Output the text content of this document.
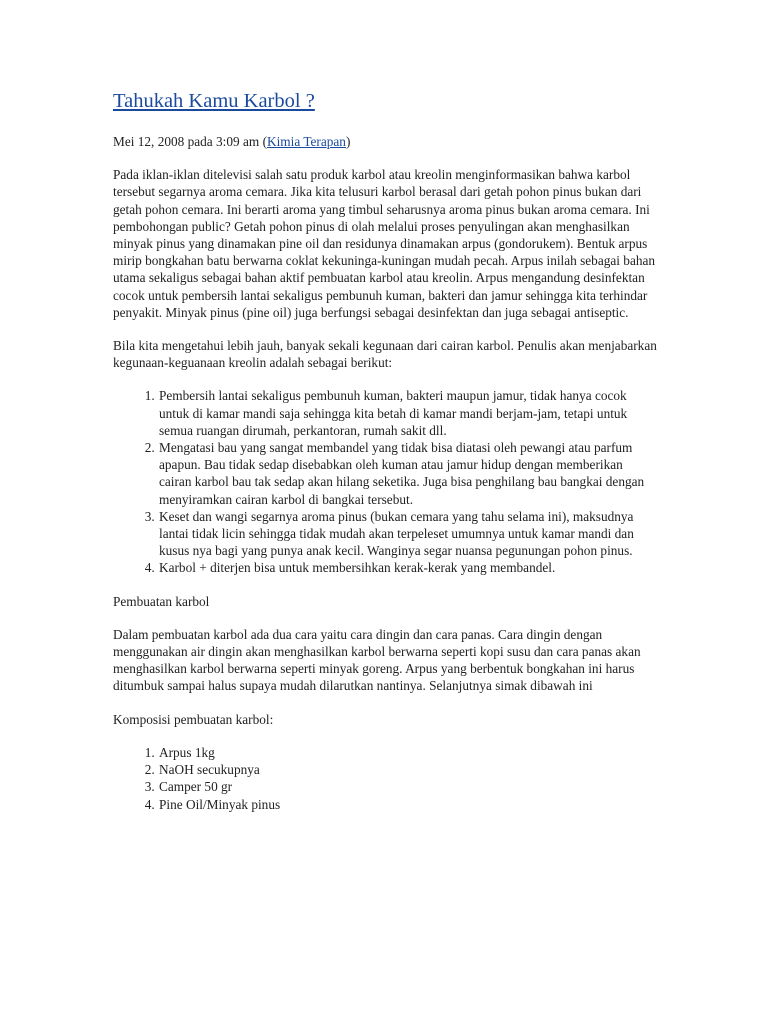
Tahukah Kamu Karbol ?

Mei 12, 2008 pada 3:09 am (Kimia Terapan)

Pada iklan-iklan ditelevisi salah satu produk karbol atau kreolin menginformasikan bahwa karbol tersebut segarnya aroma cemara. Jika kita telusuri karbol berasal dari getah pohon pinus bukan dari getah pohon cemara. Ini berarti aroma yang timbul seharusnya aroma pinus bukan aroma cemara. Ini pembohongan public? Getah pohon pinus di olah melalui proses penyulingan akan menghasilkan minyak pinus yang dinamakan pine oil dan residunya dinamakan arpus (gondorukem). Bentuk arpus mirip bongkahan batu berwarna coklat kekuninga-kuningan mudah pecah. Arpus inilah sebagai bahan utama sekaligus sebagai bahan aktif pembuatan karbol atau kreolin. Arpus mengandung desinfektan cocok untuk pembersih lantai sekaligus pembunuh kuman, bakteri dan jamur sehingga kita terhindar penyakit. Minyak pinus (pine oil) juga berfungsi sebagai desinfektan dan juga sebagai antiseptic.

Bila kita mengetahui lebih jauh, banyak sekali kegunaan dari cairan karbol. Penulis akan menjabarkan kegunaan-keguanaan kreolin adalah sebagai berikut:

1. Pembersih lantai sekaligus pembunuh kuman, bakteri maupun jamur, tidak hanya cocok untuk di kamar mandi saja sehingga kita betah di kamar mandi berjam-jam, tetapi untuk semua ruangan dirumah, perkantoran, rumah sakit dll.
2. Mengatasi bau yang sangat membandel yang tidak bisa diatasi oleh pewangi atau parfum apapun. Bau tidak sedap disebabkan oleh kuman atau jamur hidup dengan memberikan cairan karbol bau tak sedap akan hilang seketika. Juga bisa penghilang bau bangkai dengan menyiramkan cairan karbol di bangkai tersebut.
3. Keset dan wangi segarnya aroma pinus (bukan cemara yang tahu selama ini), maksudnya lantai tidak licin sehingga tidak mudah akan terpeleset umumnya untuk kamar mandi dan kusus nya bagi yang punya anak kecil. Wanginya segar nuansa pegunungan pohon pinus.
4. Karbol + diterjen bisa untuk membersihkan kerak-kerak yang membandel.

Pembuatan karbol

Dalam pembuatan karbol ada dua cara yaitu cara dingin dan cara panas. Cara dingin dengan menggunakan air dingin akan menghasilkan karbol berwarna seperti kopi susu dan cara panas akan menghasilkan karbol berwarna seperti minyak goreng. Arpus yang berbentuk bongkahan ini harus ditumbuk sampai halus supaya mudah dilarutkan nantinya. Selanjutnya simak dibawah ini

Komposisi pembuatan karbol:

1. Arpus 1kg
2. NaOH secukupnya
3. Camper 50 gr
4. Pine Oil/Minyak pinus
